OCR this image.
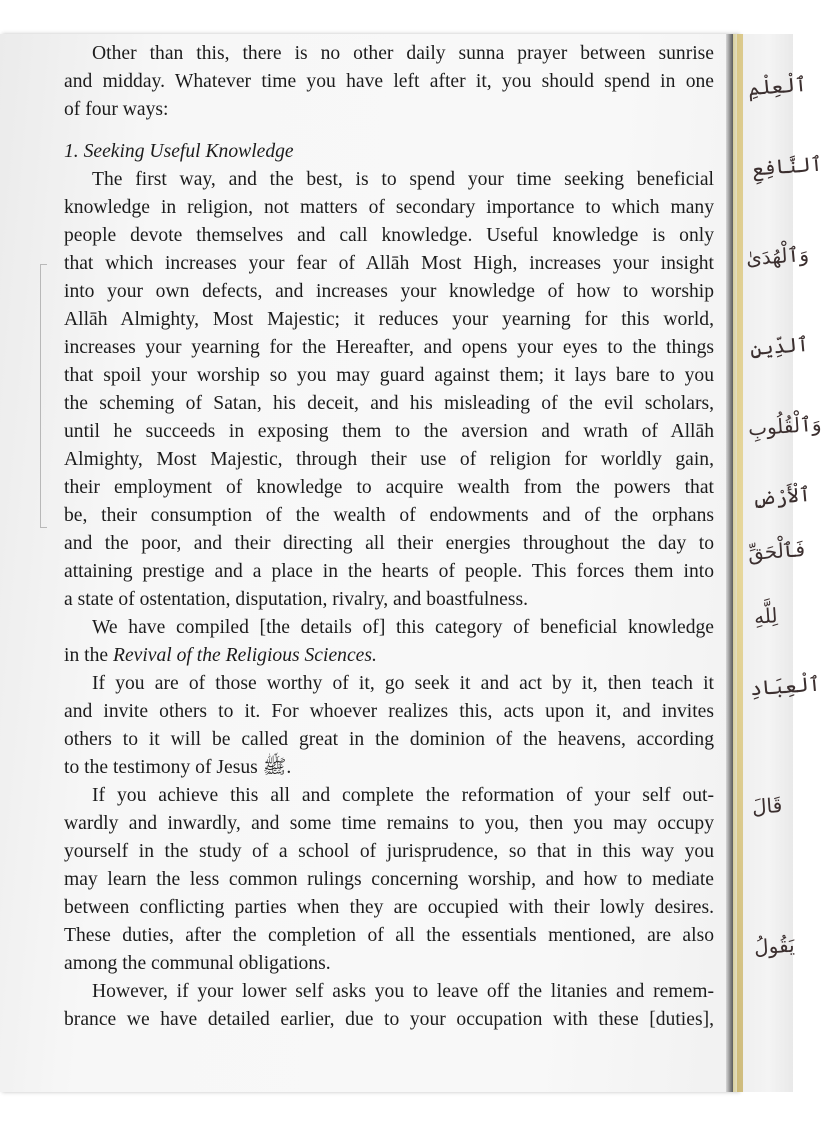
Other than this, there is no other daily sunna prayer between sunrise
and midday. Whatever time you have left after it, you should spend in one
of four ways:
1. Seeking Useful Knowledge
The first way, and the best, is to spend your time seeking beneficial
knowledge in religion, not matters of secondary importance to which many
people devote themselves and call knowledge. Useful knowledge is only
that which increases your fear of Allāh Most High, increases your insight
into your own defects, and increases your knowledge of how to worship
Allāh Almighty, Most Majestic; it reduces your yearning for this world,
increases your yearning for the Hereafter, and opens your eyes to the things
that spoil your worship so you may guard against them; it lays bare to you
the scheming of Satan, his deceit, and his misleading of the evil scholars,
until he succeeds in exposing them to the aversion and wrath of Allāh
Almighty, Most Majestic, through their use of religion for worldly gain,
their employment of knowledge to acquire wealth from the powers that
be, their consumption of the wealth of endowments and of the orphans
and the poor, and their directing all their energies throughout the day to
attaining prestige and a place in the hearts of people. This forces them into
a state of ostentation, disputation, rivalry, and boastfulness.
We have compiled [the details of] this category of beneficial knowledge
in the Revival of the Religious Sciences.
If you are of those worthy of it, go seek it and act by it, then teach it
and invite others to it. For whoever realizes this, acts upon it, and invites
others to it will be called great in the dominion of the heavens, according
to the testimony of Jesus ﷺ.
If you achieve this all and complete the reformation of your self out-
wardly and inwardly, and some time remains to you, then you may occupy
yourself in the study of a school of jurisprudence, so that in this way you
may learn the less common rulings concerning worship, and how to mediate
between conflicting parties when they are occupied with their lowly desires.
These duties, after the completion of all the essentials mentioned, are also
among the communal obligations.
However, if your lower self asks you to leave off the litanies and remem-
brance we have detailed earlier, due to your occupation with these [duties],
ٱلْعِلْمِ
ٱلنَّافِعِ
وَٱلْهُدَىٰ
ٱلدِّينِ
وَٱلْقُلُوبِ
ٱلْأَرْضِ
فَٱلْحَقِّ
لِلَّهِ
ٱلْعِبَادِ
قَالَ
يَقُولُ
